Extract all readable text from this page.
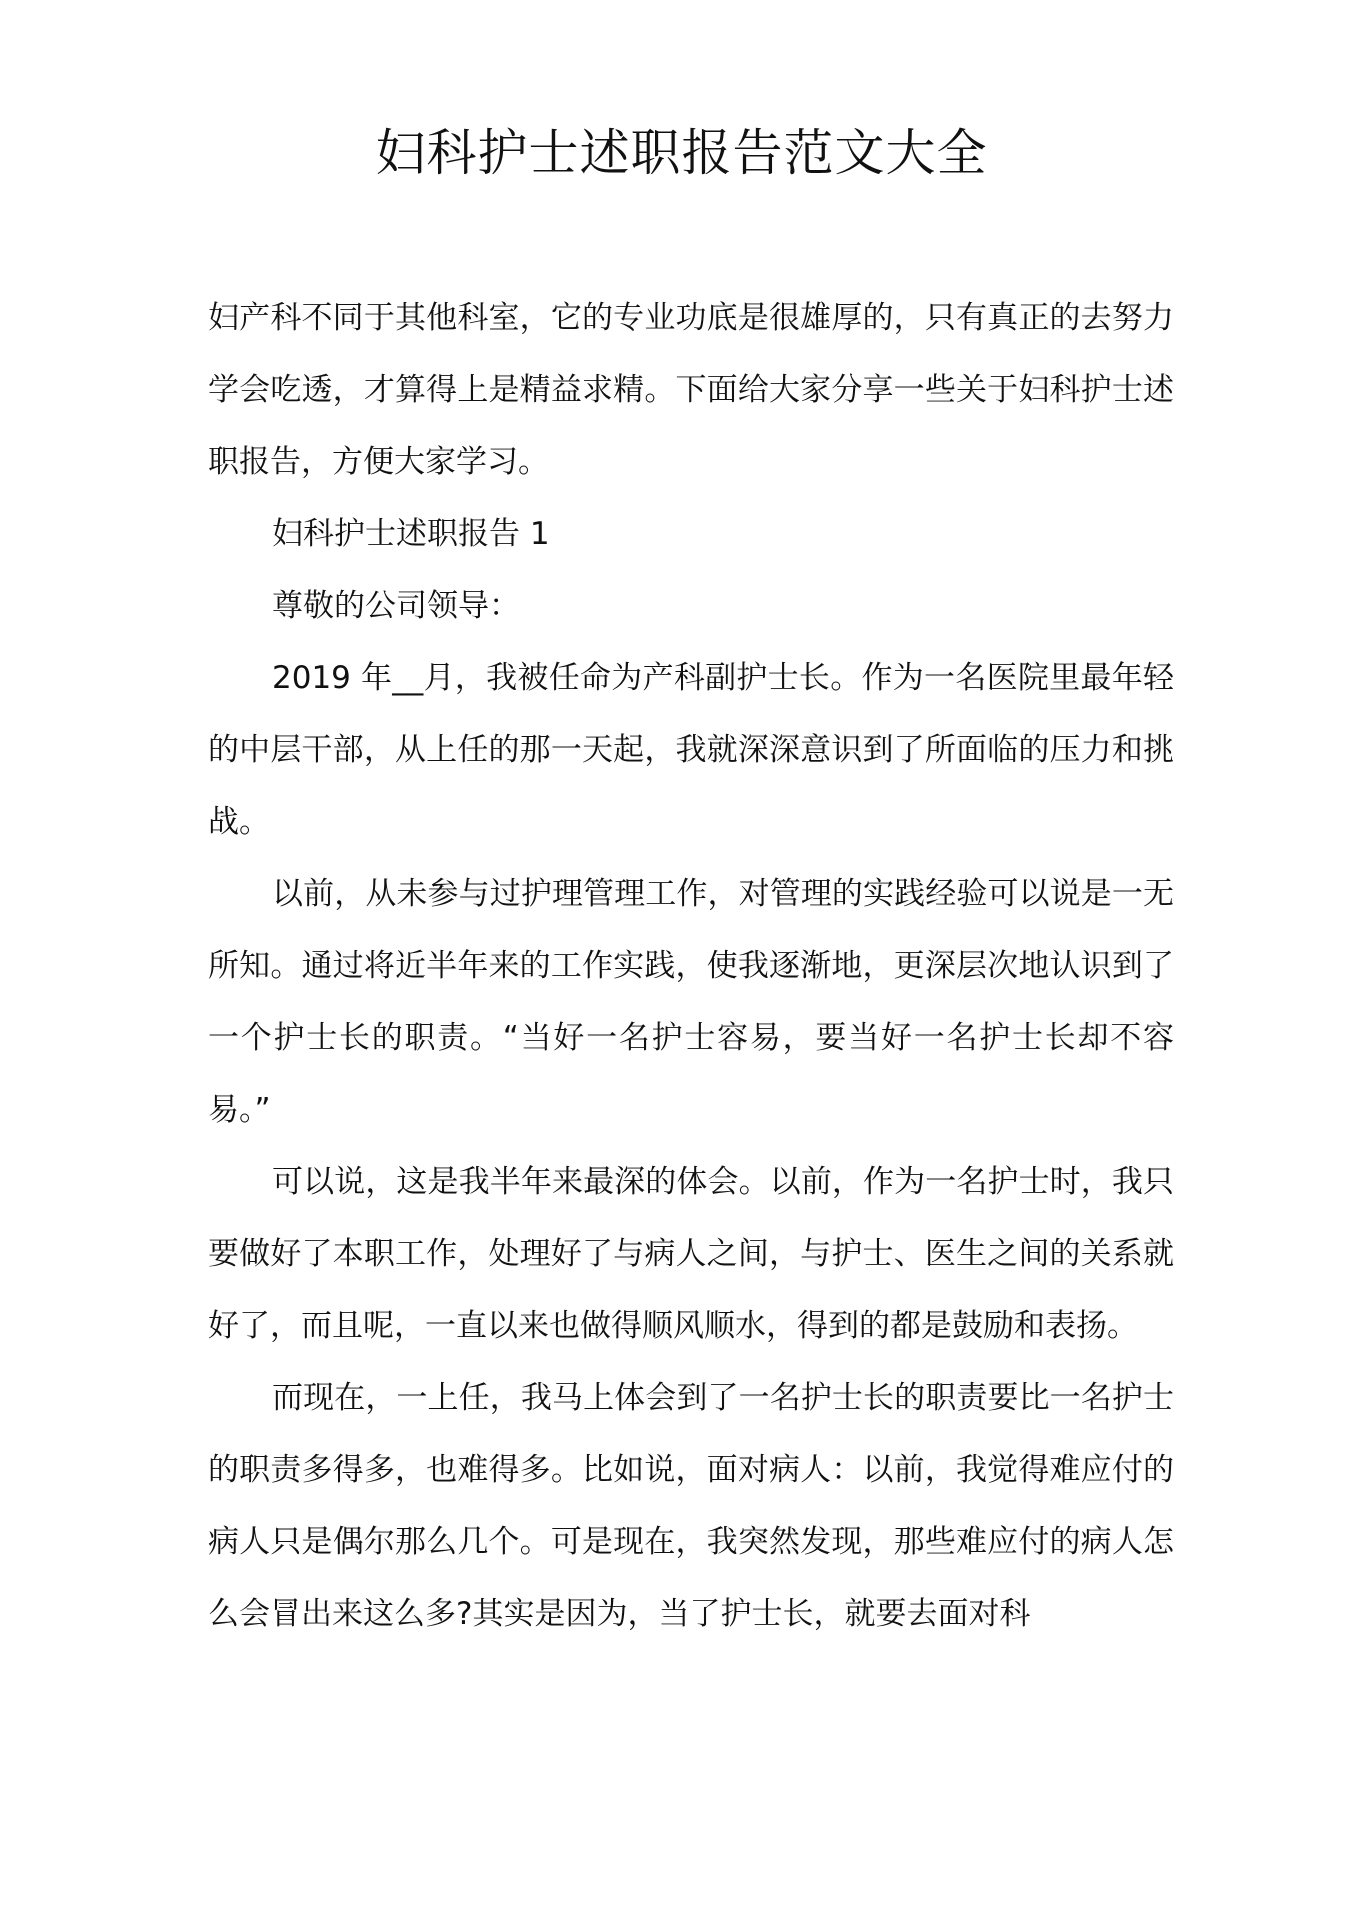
妇科护士述职报告范文大全

妇产科不同于其他科室，它的专业功底是很雄厚的，只有真正的去努力学会吃透，才算得上是精益求精。下面给大家分享一些关于妇科护士述职报告，方便大家学习。

妇科护士述职报告 1

尊敬的公司领导：

2019 年__月，我被任命为产科副护士长。作为一名医院里最年轻的中层干部，从上任的那一天起，我就深深意识到了所面临的压力和挑战。

以前，从未参与过护理管理工作，对管理的实践经验可以说是一无所知。通过将近半年来的工作实践，使我逐渐地，更深层次地认识到了一个护士长的职责。“当好一名护士容易，要当好一名护士长却不容易。”

可以说，这是我半年来最深的体会。以前，作为一名护士时，我只要做好了本职工作，处理好了与病人之间，与护士、医生之间的关系就好了，而且呢，一直以来也做得顺风顺水，得到的都是鼓励和表扬。

而现在，一上任，我马上体会到了一名护士长的职责要比一名护士的职责多得多，也难得多。比如说，面对病人：以前，我觉得难应付的病人只是偶尔那么几个。可是现在，我突然发现，那些难应付的病人怎么会冒出来这么多?其实是因为，当了护士长，就要去面对科
